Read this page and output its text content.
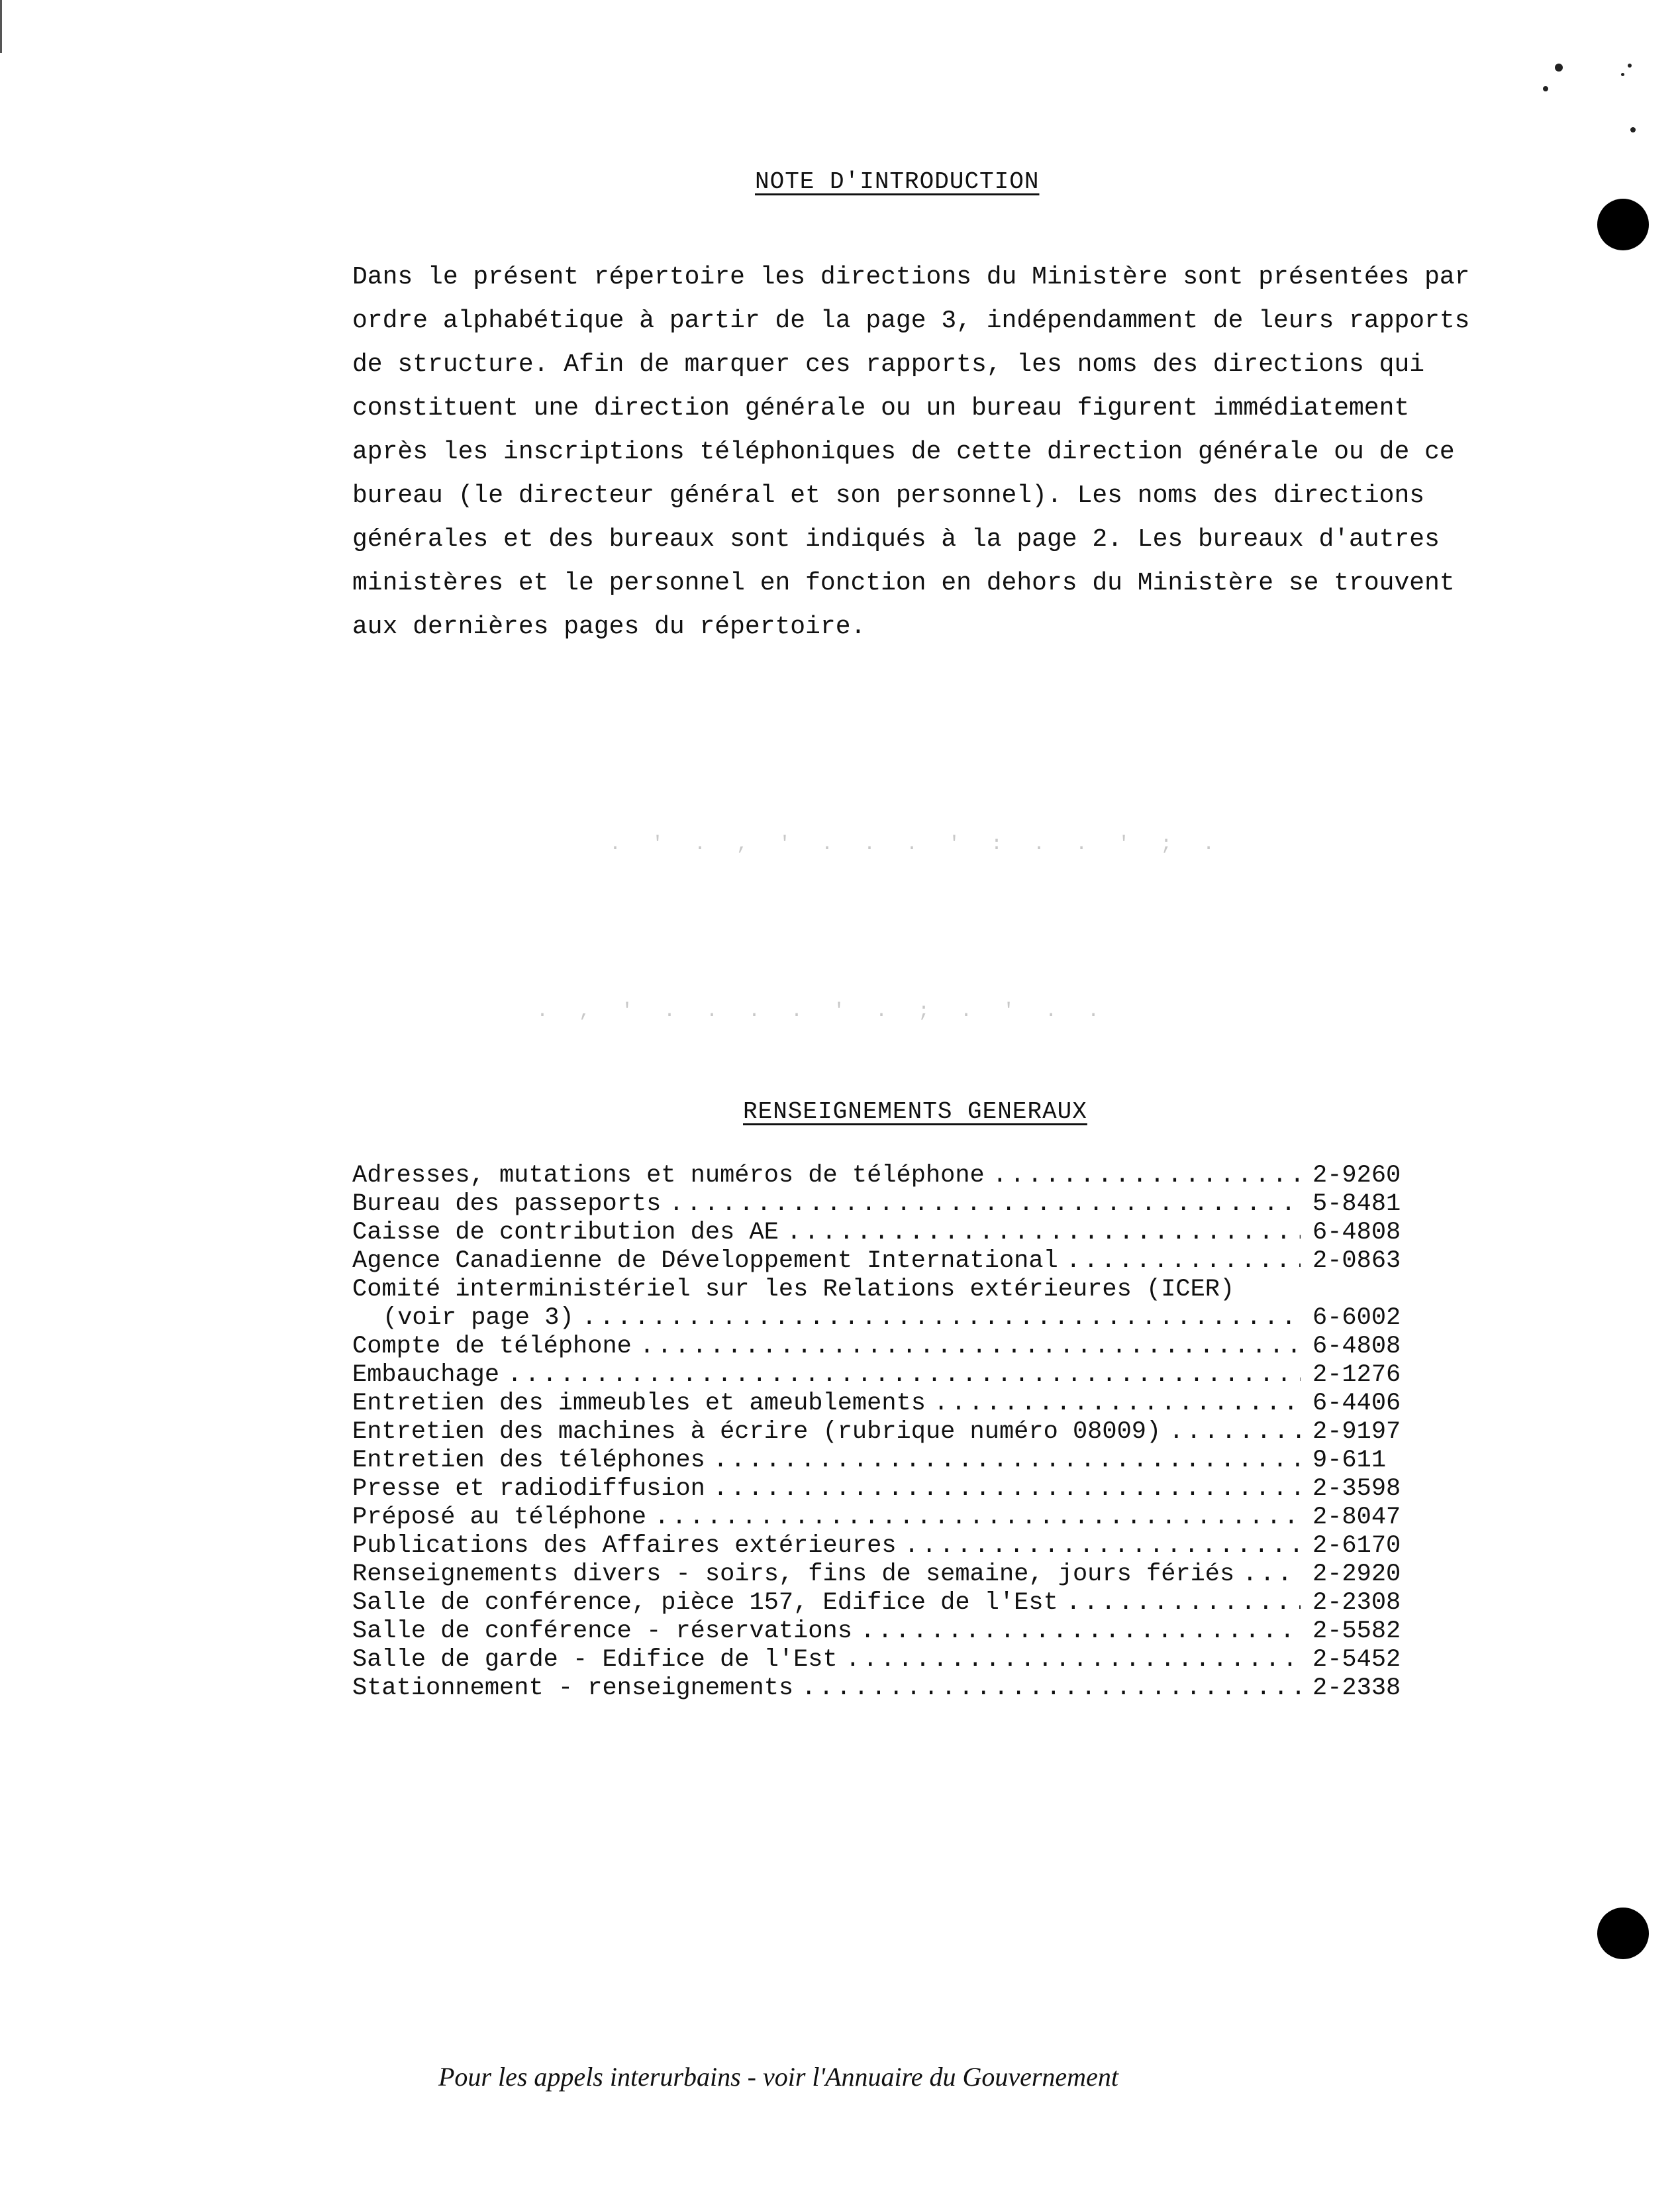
. ' . , ' . . . ' : . . ' ; .
. , ' . . . . ' . ; . ' . .
NOTE D'INTRODUCTION
Dans le présent répertoire les directions du Ministère sont présentées par
ordre alphabétique à partir de la page 3, indépendamment de leurs rapports
de structure. Afin de marquer ces rapports, les noms des directions qui
constituent une direction générale ou un bureau figurent immédiatement
après les inscriptions téléphoniques de cette direction générale ou de ce
bureau (le directeur général et son personnel). Les noms des directions
générales et des bureaux sont indiqués à la page 2. Les bureaux d'autres
ministères et le personnel en fonction en dehors du Ministère se trouvent
aux dernières pages du répertoire.
RENSEIGNEMENTS GENERAUX
Adresses, mutations et numéros de téléphone . . .	2-9260
Bureau des passeports . . .	5-8481
Caisse de contribution des AE . . .	6-4808
Agence Canadienne de Développement International . . .	2-0863
Comité interministériel sur les Relations extérieures (ICER)
(voir page 3) . . .	6-6002
Compte de téléphone . . .	6-4808
Embauchage . . .	2-1276
Entretien des immeubles et ameublements . . .	6-4406
Entretien des machines à écrire (rubrique numéro 08009) . . .	2-9197
Entretien des téléphones . . .	9-611
Presse et radiodiffusion . . .	2-3598
Préposé au téléphone . . .	2-8047
Publications des Affaires extérieures . . .	2-6170
Renseignements divers - soirs, fins de semaine, jours fériés . . .	2-2920
Salle de conférence, pièce 157, Edifice de l'Est . . .	2-2308
Salle de conférence - réservations . . .	2-5582
Salle de garde - Edifice de l'Est . . .	2-5452
Stationnement - renseignements . . .	2-2338
Pour les appels interurbains - voir l'Annuaire du Gouvernement
